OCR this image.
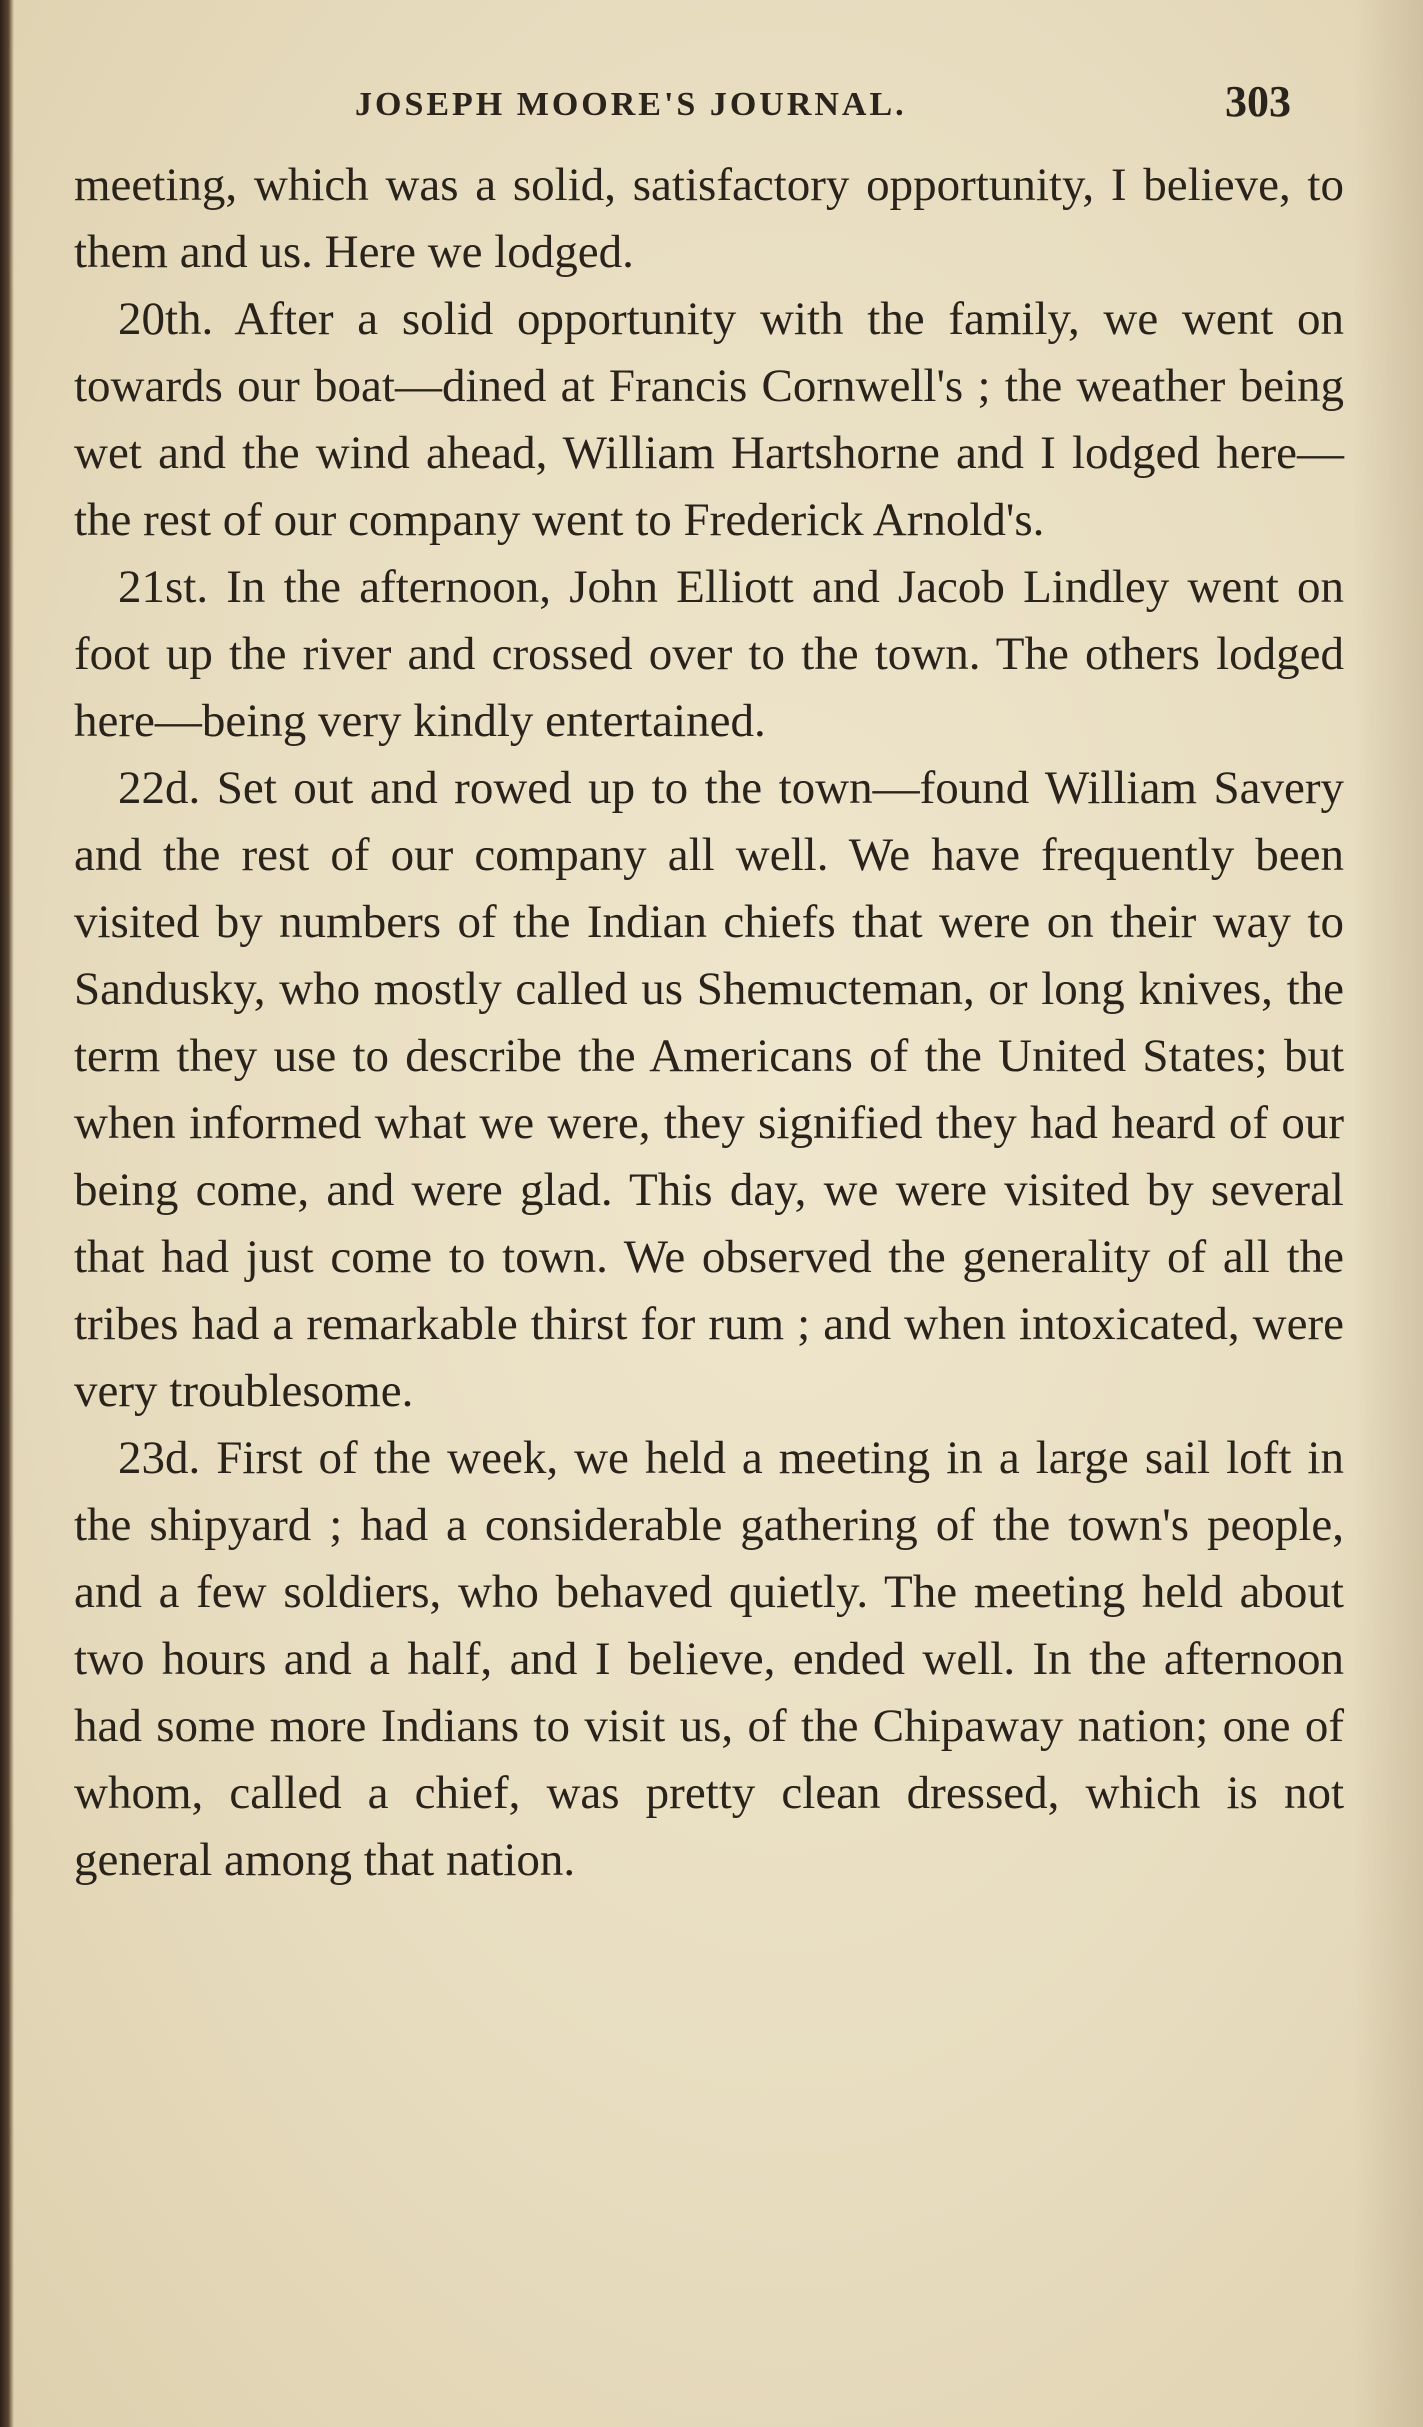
JOSEPH MOORE'S JOURNAL.	303

meeting, which was a solid, satisfactory opportunity, I believe, to them and us. Here we lodged.

20th. After a solid opportunity with the family, we went on towards our boat—dined at Francis Cornwell's ; the weather being wet and the wind ahead, William Hartshorne and I lodged here—the rest of our company went to Frederick Arnold's.

21st. In the afternoon, John Elliott and Jacob Lindley went on foot up the river and crossed over to the town. The others lodged here—being very kindly entertained.

22d. Set out and rowed up to the town—found William Savery and the rest of our company all well. We have frequently been visited by numbers of the Indian chiefs that were on their way to Sandusky, who mostly called us Shemucteman, or long knives, the term they use to describe the Americans of the United States; but when informed what we were, they signified they had heard of our being come, and were glad. This day, we were visited by several that had just come to town. We observed the generality of all the tribes had a remarkable thirst for rum ; and when intoxicated, were very troublesome.

23d. First of the week, we held a meeting in a large sail loft in the shipyard ; had a considerable gathering of the town's people, and a few soldiers, who behaved quietly. The meeting held about two hours and a half, and I believe, ended well. In the afternoon had some more Indians to visit us, of the Chipaway nation; one of whom, called a chief, was pretty clean dressed, which is not general among that nation.
